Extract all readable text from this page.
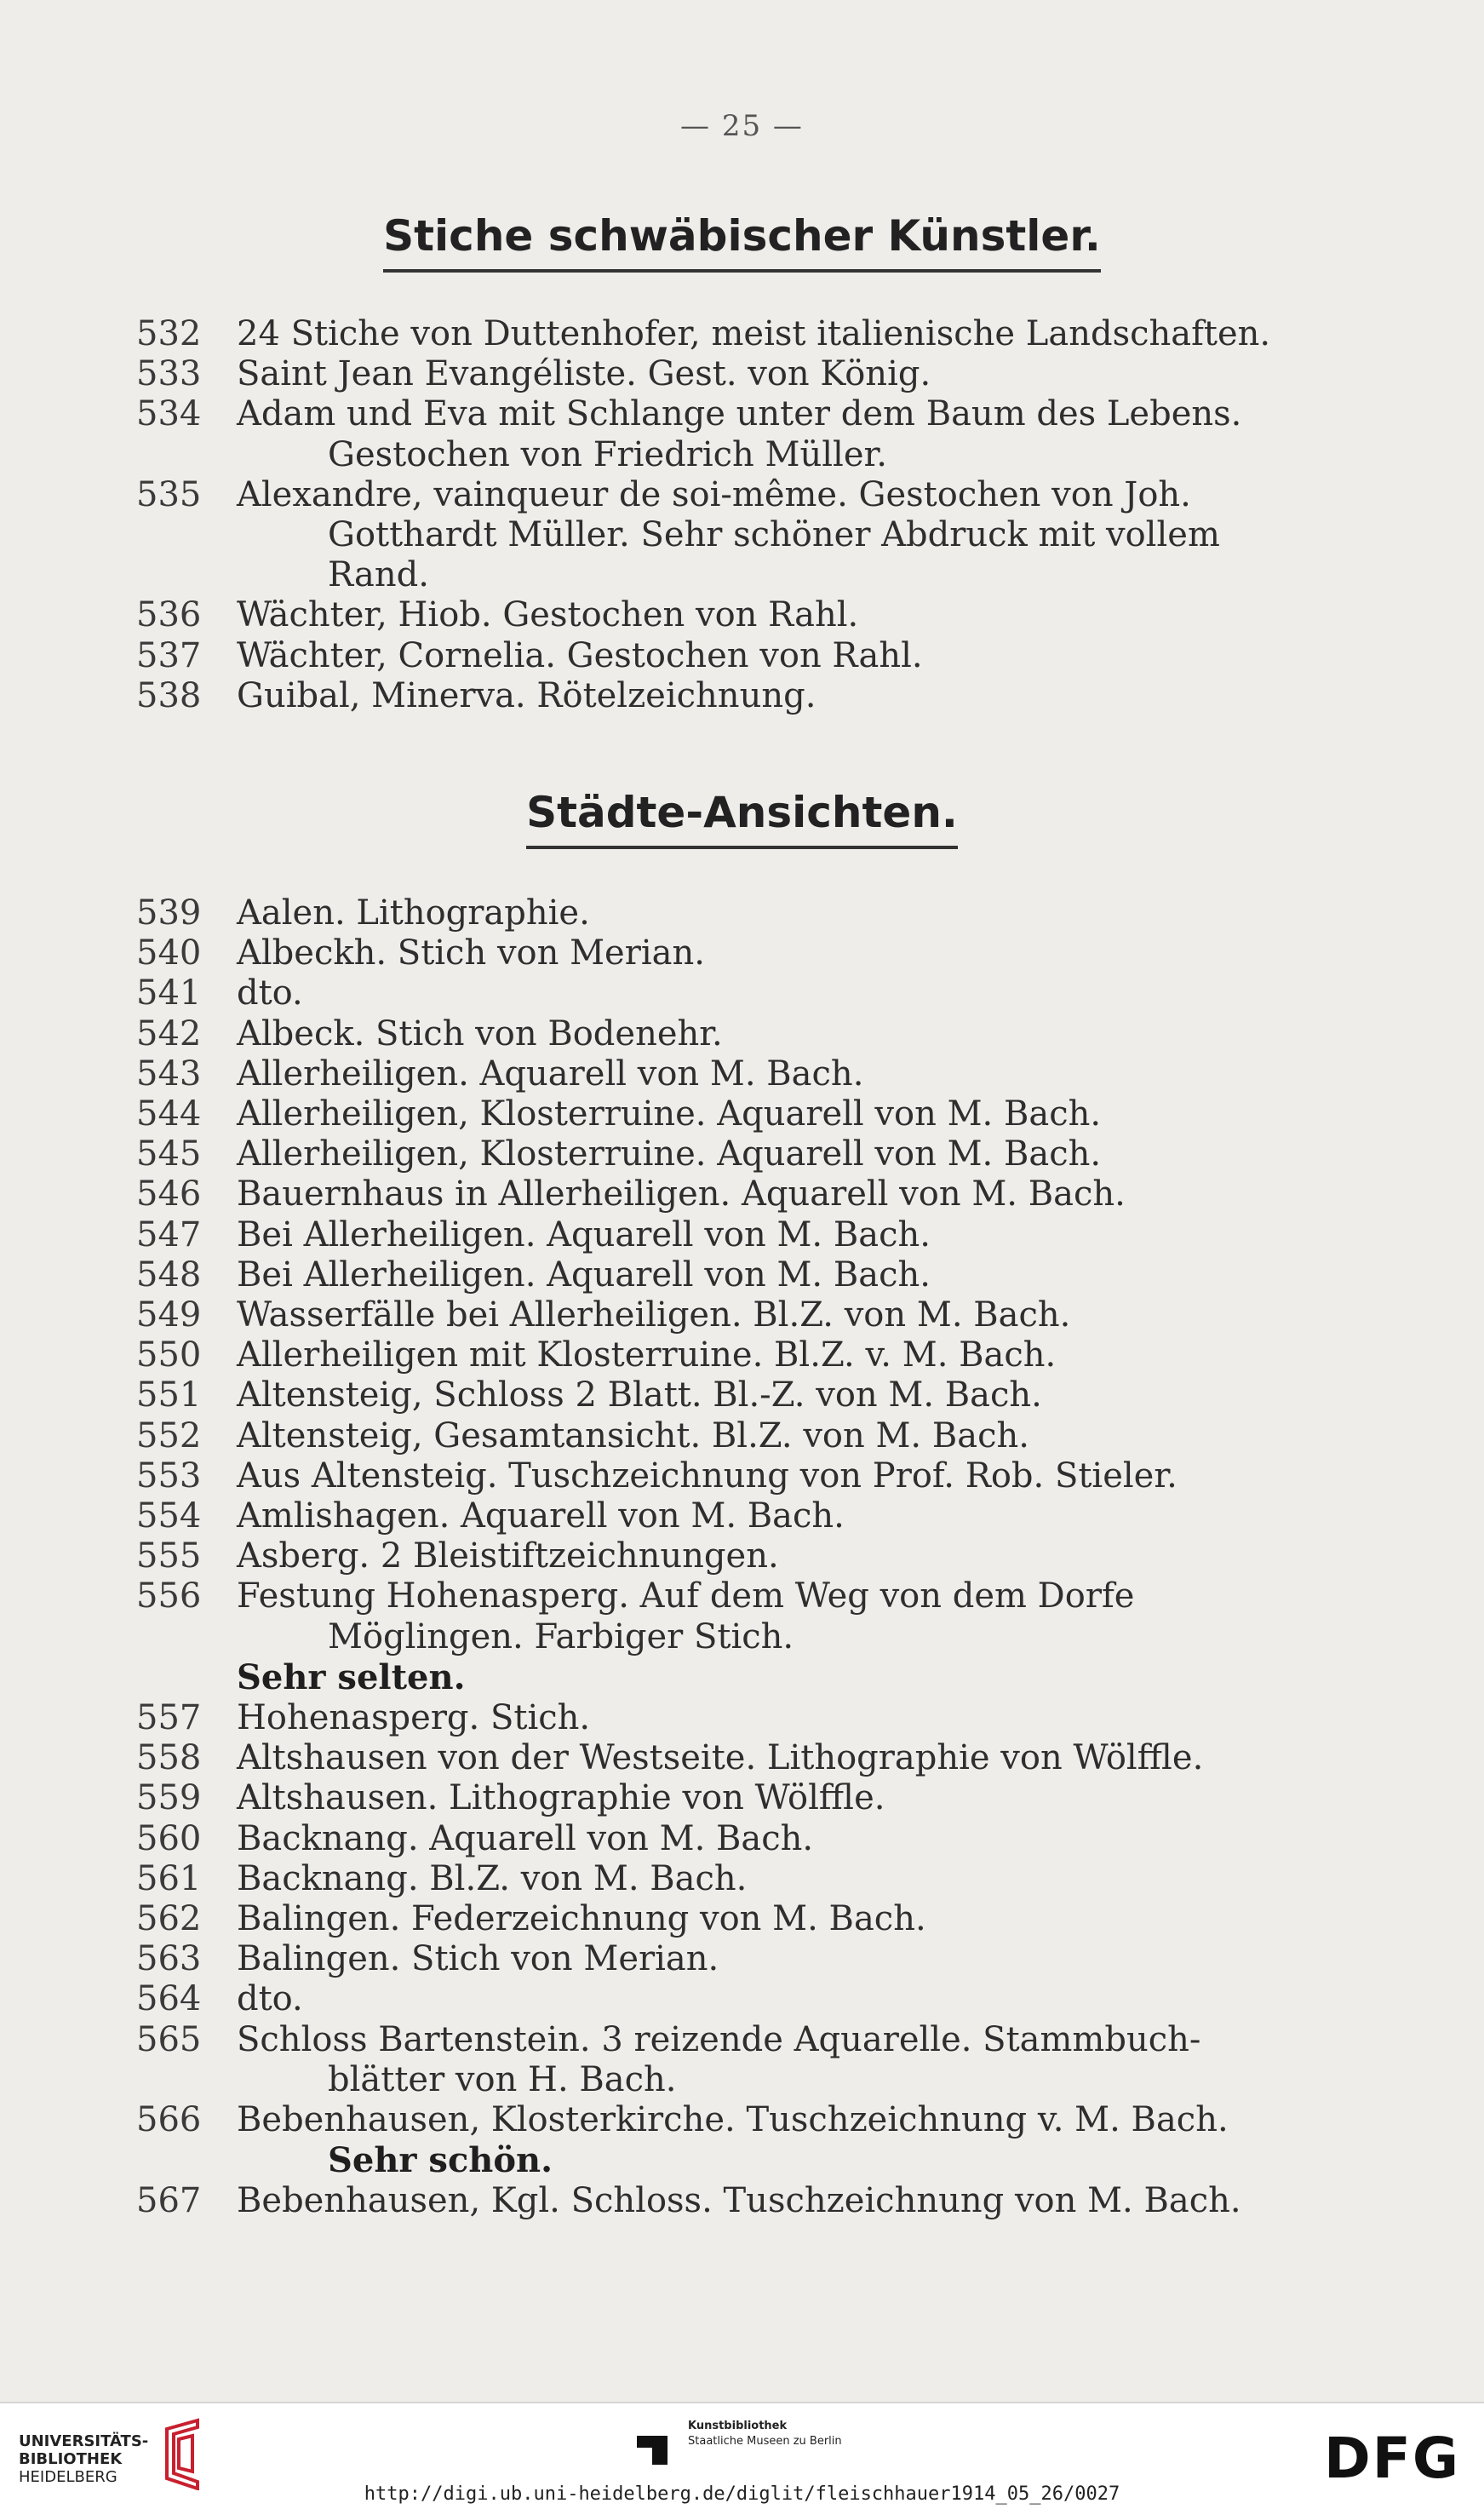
— 25 —
Stiche schwäbischer Künstler.
532	24 Stiche von Duttenhofer, meist italienische Landschaften.
533	Saint Jean Evangéliste. Gest. von König.
534	Adam und Eva mit Schlange unter dem Baum des Lebens.
Gestochen von Friedrich Müller.
535	Alexandre, vainqueur de soi-même. Gestochen von Joh.
Gotthardt Müller. Sehr schöner Abdruck mit vollem
Rand.
536	Wächter, Hiob. Gestochen von Rahl.
537	Wächter, Cornelia. Gestochen von Rahl.
538	Guibal, Minerva. Rötelzeichnung.
Städte-Ansichten.
539	Aalen. Lithographie.
540	Albeckh. Stich von Merian.
541	dto.
542	Albeck. Stich von Bodenehr.
543	Allerheiligen. Aquarell von M. Bach.
544	Allerheiligen, Klosterruine. Aquarell von M. Bach.
545	Allerheiligen, Klosterruine. Aquarell von M. Bach.
546	Bauernhaus in Allerheiligen. Aquarell von M. Bach.
547	Bei Allerheiligen. Aquarell von M. Bach.
548	Bei Allerheiligen. Aquarell von M. Bach.
549	Wasserfälle bei Allerheiligen. Bl.Z. von M. Bach.
550	Allerheiligen mit Klosterruine. Bl.Z. v. M. Bach.
551	Altensteig, Schloss 2 Blatt. Bl.-Z. von M. Bach.
552	Altensteig, Gesamtansicht. Bl.Z. von M. Bach.
553	Aus Altensteig. Tuschzeichnung von Prof. Rob. Stieler.
554	Amlishagen. Aquarell von M. Bach.
555	Asberg. 2 Bleistiftzeichnungen.
556	Festung Hohenasperg. Auf dem Weg von dem Dorfe
Möglingen. Farbiger Stich.
Sehr selten.
557	Hohenasperg. Stich.
558	Altshausen von der Westseite. Lithographie von Wölffle.
559	Altshausen. Lithographie von Wölffle.
560	Backnang. Aquarell von M. Bach.
561	Backnang. Bl.Z. von M. Bach.
562	Balingen. Federzeichnung von M. Bach.
563	Balingen. Stich von Merian.
564	dto.
565	Schloss Bartenstein. 3 reizende Aquarelle. Stammbuch-
blätter von H. Bach.
566	Bebenhausen, Klosterkirche. Tuschzeichnung v. M. Bach.
Sehr schön.
567	Bebenhausen, Kgl. Schloss. Tuschzeichnung von M. Bach.
UNIVERSITÄTS-
BIBLIOTHEK
HEIDELBERG
Kunstbibliothek
Staatliche Museen zu Berlin	DFG
http://digi.ub.uni-heidelberg.de/diglit/fleischhauer1914_05_26/0027
